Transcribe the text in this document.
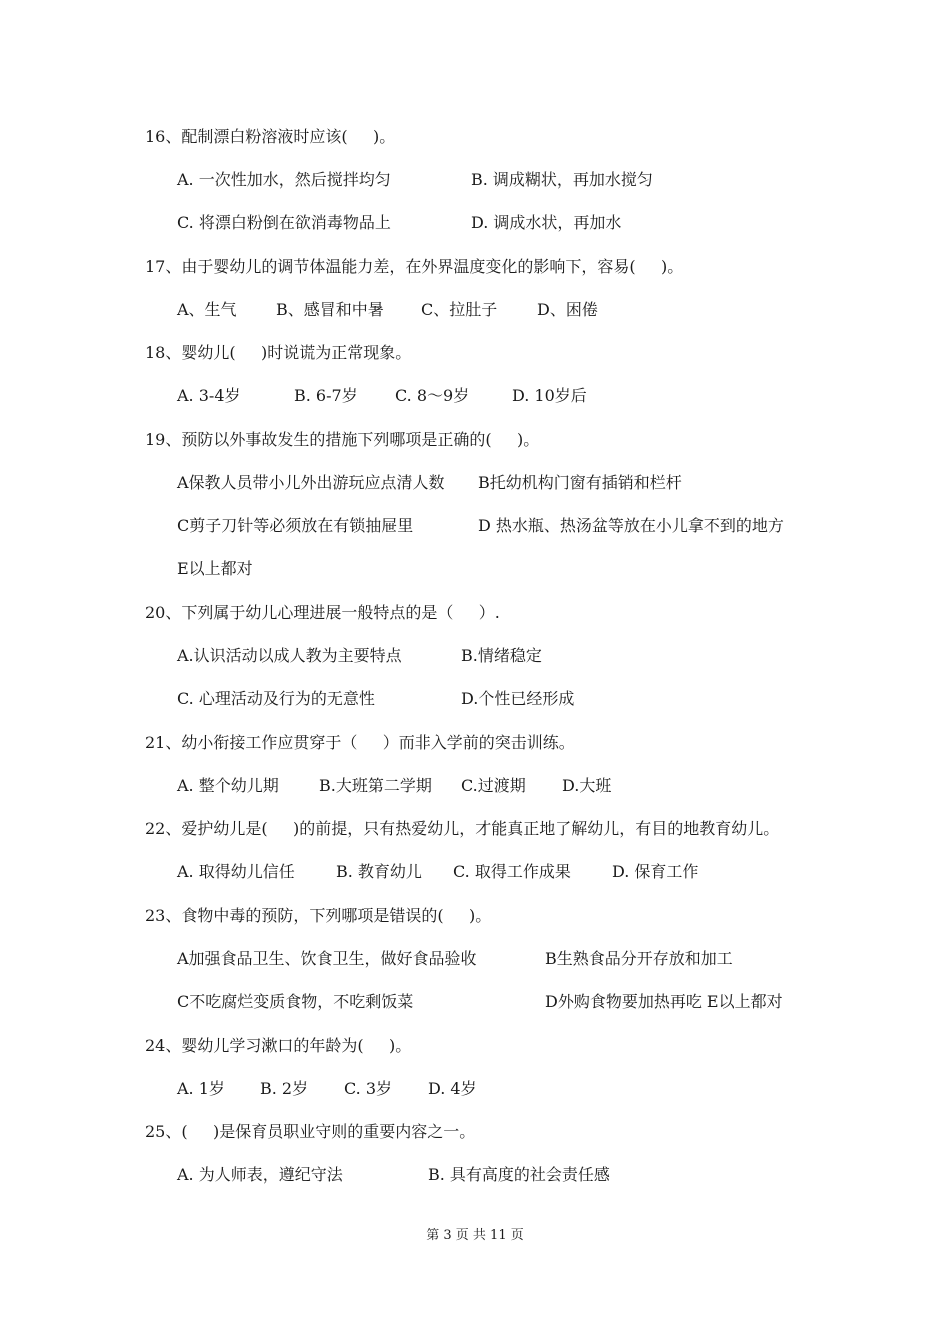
16、配制漂白粉溶液时应该(     )。
A. 一次性加水，然后搅拌均匀	B. 调成糊状，再加水搅匀
C. 将漂白粉倒在欲消毒物品上	D. 调成水状，再加水
17、由于婴幼儿的调节体温能力差，在外界温度变化的影响下，容易(     )。
A、生气 B、感冒和中暑 C、拉肚子 D、困倦
18、婴幼儿(     )时说谎为正常现象。
A. 3-4岁	B. 6-7岁 C. 8～9岁	D. 10岁后
19、预防以外事故发生的措施下列哪项是正确的(     )。
A保教人员带小儿外出游玩应点清人数 B托幼机构门窗有插销和栏杆
C剪子刀针等必须放在有锁抽屉里	D 热水瓶、热汤盆等放在小儿拿不到的地方
E以上都对
20、下列属于幼儿心理进展一般特点的是（     ）.
A.认识活动以成人教为主要特点	B.情绪稳定
C. 心理活动及行为的无意性	D.个性已经形成
21、幼小衔接工作应贯穿于（     ）而非入学前的突击训练。
A. 整个幼儿期	B.大班第二学期 C.过渡期 D.大班
22、爱护幼儿是(     )的前提，只有热爱幼儿，才能真正地了解幼儿，有目的地教育幼儿。
A. 取得幼儿信任	B. 教育幼儿 C. 取得工作成果	D. 保育工作
23、食物中毒的预防，下列哪项是错误的(     )。
A加强食品卫生、饮食卫生，做好食品验收	B生熟食品分开存放和加工
C不吃腐烂变质食物，不吃剩饭菜	D外购食物要加热再吃 E以上都对
24、婴幼儿学习漱口的年龄为(     )。
A. 1岁 B. 2岁 C. 3岁 D. 4岁
25、(     )是保育员职业守则的重要内容之一。
A. 为人师表，遵纪守法	B. 具有高度的社会责任感
第 3 页 共 11 页
